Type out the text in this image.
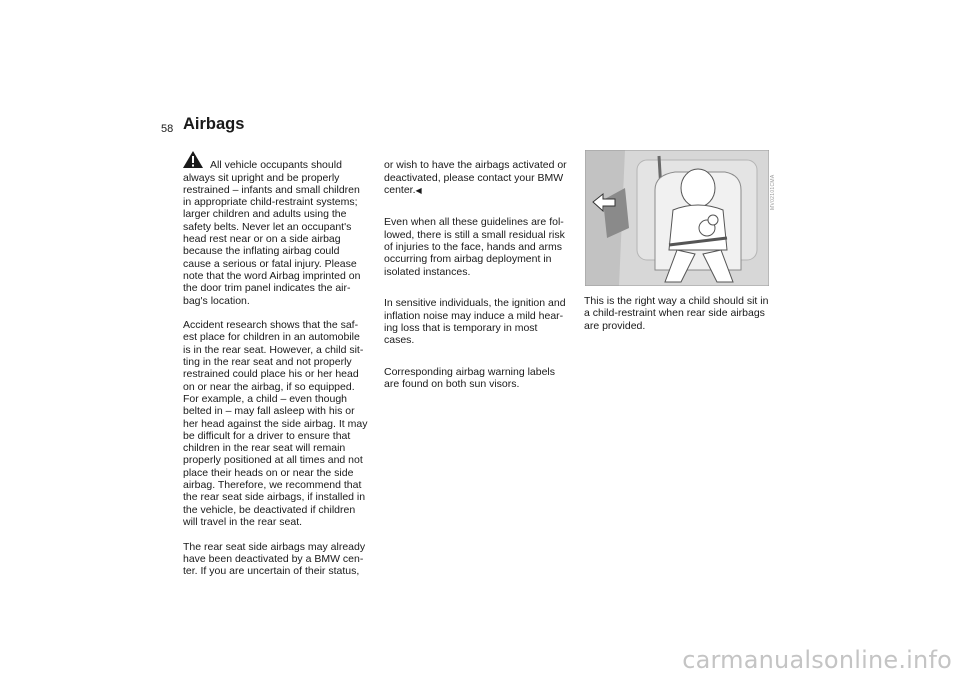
58 Airbags

All vehicle occupants should
always sit upright and be properly
restrained – infants and small children
in appropriate child-restraint systems;
larger children and adults using the
safety belts. Never let an occupant's
head rest near or on a side airbag
because the inflating airbag could
cause a serious or fatal injury. Please
note that the word Airbag imprinted on
the door trim panel indicates the air-
bag's location.

Accident research shows that the saf-
est place for children in an automobile
is in the rear seat. However, a child sit-
ting in the rear seat and not properly
restrained could place his or her head
on or near the airbag, if so equipped.
For example, a child – even though
belted in – may fall asleep with his or
her head against the side airbag. It may
be difficult for a driver to ensure that
children in the rear seat will remain
properly positioned at all times and not
place their heads on or near the side
airbag. Therefore, we recommend that
the rear seat side airbags, if installed in
the vehicle, be deactivated if children
will travel in the rear seat.

The rear seat side airbags may already
have been deactivated by a BMW cen-
ter. If you are uncertain of their status,

or wish to have the airbags activated or
deactivated, please contact your BMW
center.◀

Even when all these guidelines are fol-
lowed, there is still a small residual risk
of injuries to the face, hands and arms
occurring from airbag deployment in
isolated instances.

In sensitive individuals, the ignition and
inflation noise may induce a mild hear-
ing loss that is temporary in most
cases.

Corresponding airbag warning labels
are found on both sun visors.

MV02101CMA

This is the right way a child should sit in
a child-restraint when rear side airbags
are provided.

carmanualsonline.info
